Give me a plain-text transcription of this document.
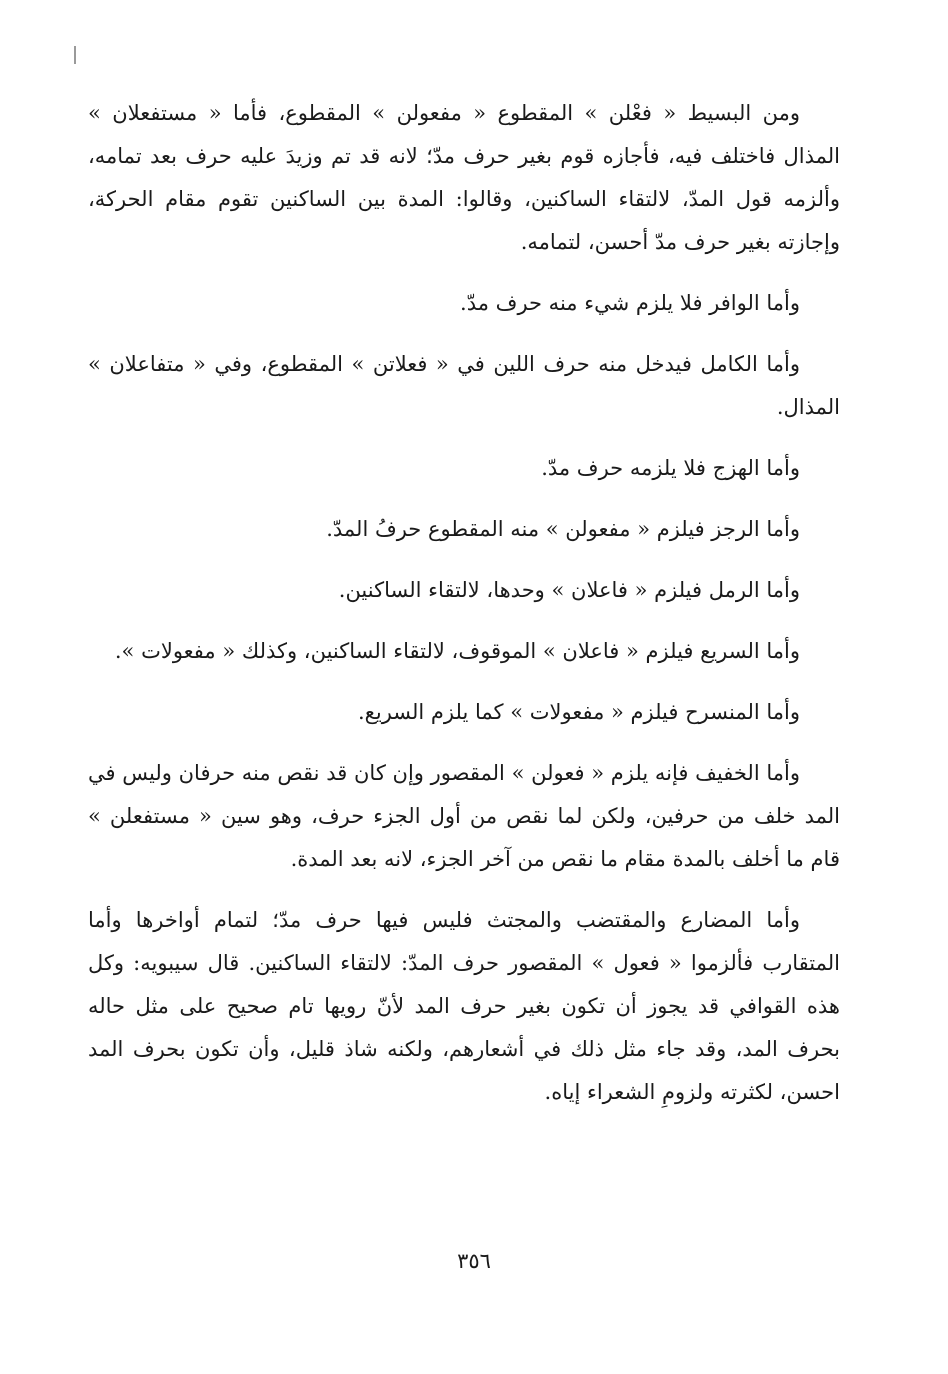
ومن البسيط « فعْلن » المقطوع « مفعولن » المقطوع، فأما « مستفعلان » المذال فاختلف فيه، فأجازه قوم بغير حرف مدّ؛ لانه قد تم وزيدَ عليه حرف بعد تمامه، وألزمه قول المدّ، لالتقاء الساكنين، وقالوا: المدة بين الساكنين تقوم مقام الحركة، وإجازته بغير حرف مدّ أحسن، لتمامه.

وأما الوافر فلا يلزم شيء منه حرف مدّ.

وأما الكامل فيدخل منه حرف اللين في « فعلاتن » المقطوع، وفي « متفاعلان » المذال.

وأما الهزج فلا يلزمه حرف مدّ.

وأما الرجز فيلزم « مفعولن » منه المقطوع حرفُ المدّ.

وأما الرمل فيلزم « فاعلان » وحدها، لالتقاء الساكنين.

وأما السريع فيلزم « فاعلان » الموقوف، لالتقاء الساكنين، وكذلك « مفعولات ».

وأما المنسرح فيلزم « مفعولات » كما يلزم السريع.

وأما الخفيف فإنه يلزم « فعولن » المقصور وإن كان قد نقص منه حرفان وليس في المد خلف من حرفين، ولكن لما نقص من أول الجزء حرف، وهو سين « مستفعلن » قام ما أخلف بالمدة مقام ما نقص من آخر الجزء، لانه بعد المدة.

وأما المضارع والمقتضب والمجتث فليس فيها حرف مدّ؛ لتمام أواخرها وأما المتقارب فألزموا « فعول » المقصور حرف المدّ: لالتقاء الساكنين. قال سيبويه: وكل هذه القوافي قد يجوز أن تكون بغير حرف المد لأنّ رويها تام صحيح على مثل حاله بحرف المد، وقد جاء مثل ذلك في أشعارهم، ولكنه شاذ قليل، وأن تكون بحرف المد احسن، لكثرته ولزومِ الشعراء إياه.

٣٥٦
